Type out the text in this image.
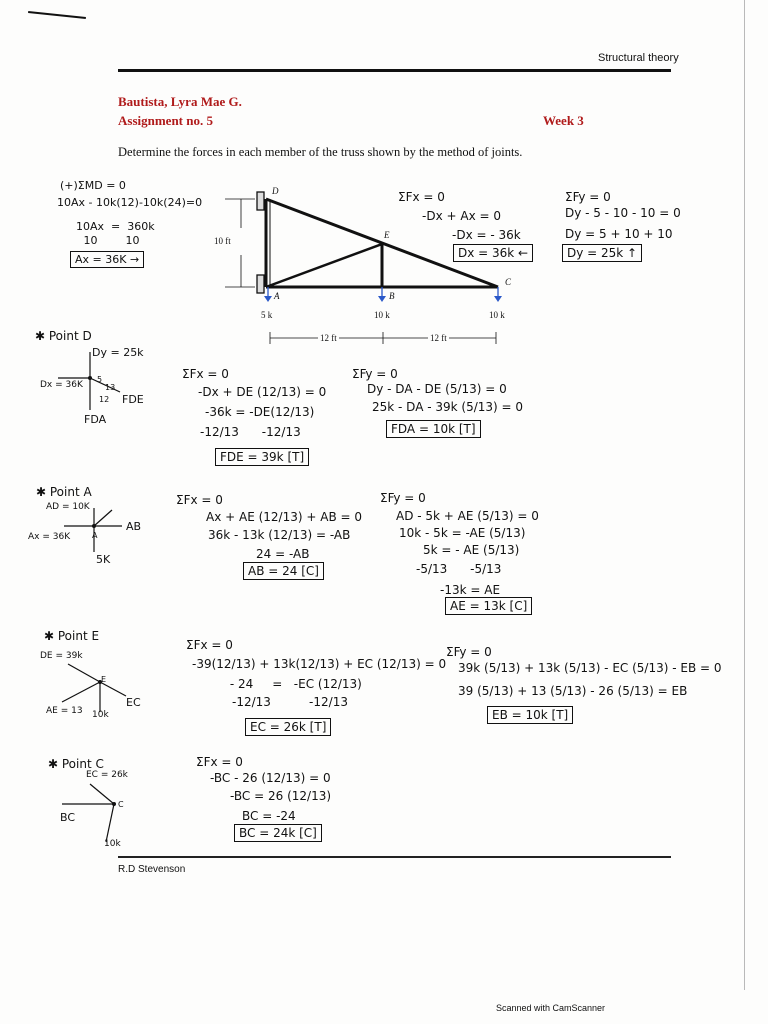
Structural theory
Bautista, Lyra Mae G.
Assignment no. 5	Week 3
Determine the forces in each member of the truss shown by the method of joints.
D
E
A	B
C
10 ft
5 k	10 k	10 k
12 ft	12 ft
(+)ΣMD = 0
10Ax - 10k(12)-10k(24)=0
10Ax  =  360k
10        10
Ax = 36K →
ΣFx = 0
-Dx + Ax = 0
-Dx = - 36k
Dx = 36k ←
ΣFy = 0
Dy - 5 - 10 - 10 = 0
Dy = 5 + 10 + 10
Dy = 25k ↑
✱ Point D
Dy = 25k
Dx = 36K
FDE
FDA
5
13
12
ΣFx = 0
-Dx + DE (12/13) = 0
-36k = -DE(12/13)
-12/13      -12/13
FDE = 39k [T]
ΣFy = 0
Dy - DA - DE (5/13) = 0
25k - DA - 39k (5/13) = 0
FDA = 10k [T]
✱ Point A
AD = 10K
Ax = 36K
AB
5K
A
ΣFx = 0
Ax + AE (12/13) + AB = 0
36k - 13k (12/13) = -AB
24 = -AB
AB = 24 [C]
ΣFy = 0
AD - 5k + AE (5/13) = 0
10k - 5k = -AE (5/13)
5k = - AE (5/13)
-5/13      -5/13
-13k = AE
AE = 13k [C]
✱ Point E
DE = 39k
AE = 13
EC
10k
E
ΣFx = 0
-39(12/13) + 13k(12/13) + EC (12/13) = 0
- 24     =   -EC (12/13)
-12/13          -12/13
EC = 26k [T]
ΣFy = 0
39k (5/13) + 13k (5/13) - EC (5/13) - EB = 0
39 (5/13) + 13 (5/13) - 26 (5/13) = EB
EB = 10k [T]
✱ Point C
EC = 26k
BC
10k
C
ΣFx = 0
-BC - 26 (12/13) = 0
-BC = 26 (12/13)
BC = -24
BC = 24k [C]
R.D Stevenson
Scanned with CamScanner
